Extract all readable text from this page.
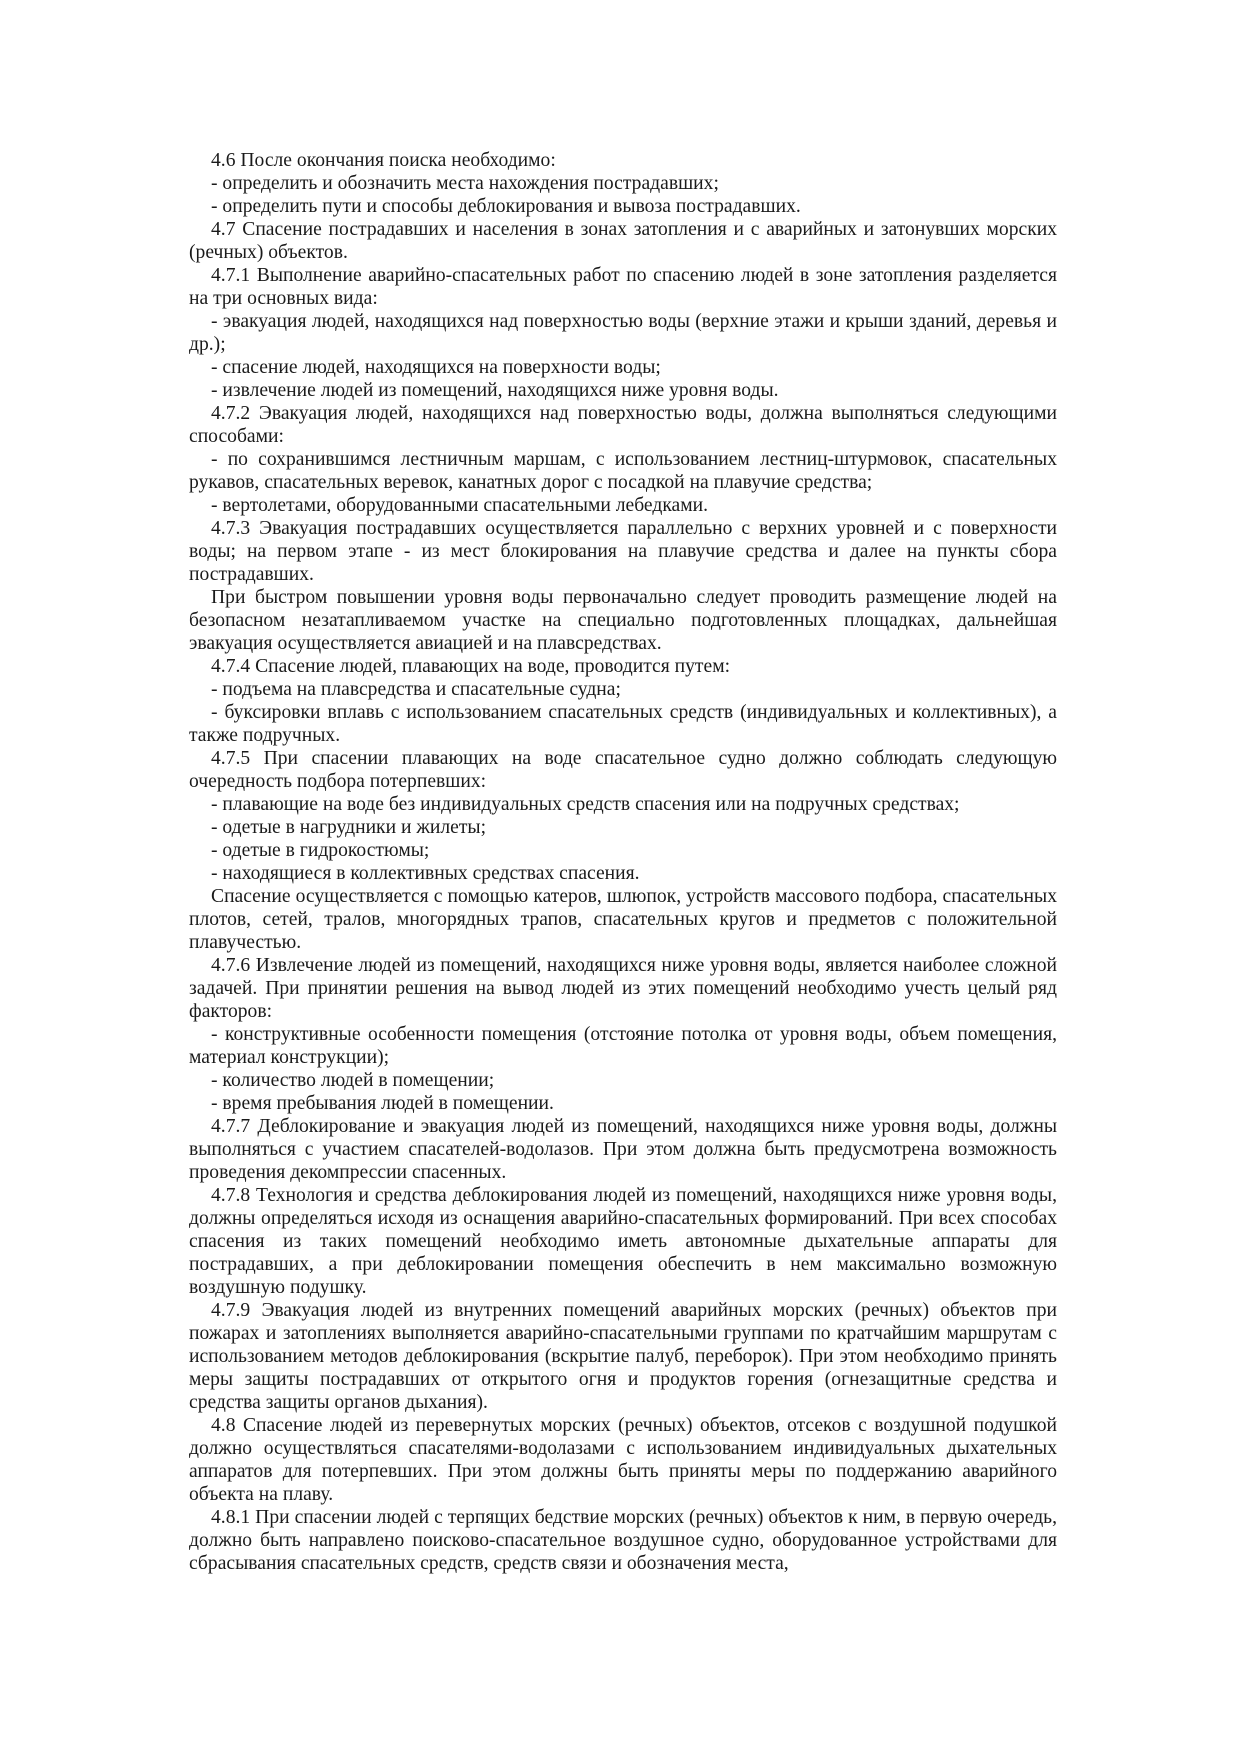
4.6 После окончания поиска необходимо:

- определить и обозначить места нахождения пострадавших;

- определить пути и способы деблокирования и вывоза пострадавших.

4.7 Спасение пострадавших и населения в зонах затопления и с аварийных и затонувших морских (речных) объектов.

4.7.1 Выполнение аварийно-спасательных работ по спасению людей в зоне затопления разделяется на три основных вида:

- эвакуация людей, находящихся над поверхностью воды (верхние этажи и крыши зданий, деревья и др.);

- спасение людей, находящихся на поверхности воды;

- извлечение людей из помещений, находящихся ниже уровня воды.

4.7.2 Эвакуация людей, находящихся над поверхностью воды, должна выполняться следующими способами:

- по сохранившимся лестничным маршам, с использованием лестниц-штурмовок, спасательных рукавов, спасательных веревок, канатных дорог с посадкой на плавучие средства;

- вертолетами, оборудованными спасательными лебедками.

4.7.3 Эвакуация пострадавших осуществляется параллельно с верхних уровней и с поверхности воды; на первом этапе - из мест блокирования на плавучие средства и далее на пункты сбора пострадавших.

При быстром повышении уровня воды первоначально следует проводить размещение людей на безопасном незатапливаемом участке на специально подготовленных площадках, дальнейшая эвакуация осуществляется авиацией и на плавсредствах.

4.7.4 Спасение людей, плавающих на воде, проводится путем:

- подъема на плавсредства и спасательные судна;

- буксировки вплавь с использованием спасательных средств (индивидуальных и коллективных), а также подручных.

4.7.5 При спасении плавающих на воде спасательное судно должно соблюдать следующую очередность подбора потерпевших:

- плавающие на воде без индивидуальных средств спасения или на подручных средствах;

- одетые в нагрудники и жилеты;

- одетые в гидрокостюмы;

- находящиеся в коллективных средствах спасения.

Спасение осуществляется с помощью катеров, шлюпок, устройств массового подбора, спасательных плотов, сетей, тралов, многорядных трапов, спасательных кругов и предметов с положительной плавучестью.

4.7.6 Извлечение людей из помещений, находящихся ниже уровня воды, является наиболее сложной задачей. При принятии решения на вывод людей из этих помещений необходимо учесть целый ряд факторов:

- конструктивные особенности помещения (отстояние потолка от уровня воды, объем помещения, материал конструкции);

- количество людей в помещении;

- время пребывания людей в помещении.

4.7.7 Деблокирование и эвакуация людей из помещений, находящихся ниже уровня воды, должны выполняться с участием спасателей-водолазов. При этом должна быть предусмотрена возможность проведения декомпрессии спасенных.

4.7.8 Технология и средства деблокирования людей из помещений, находящихся ниже уровня воды, должны определяться исходя из оснащения аварийно-спасательных формирований. При всех способах спасения из таких помещений необходимо иметь автономные дыхательные аппараты для пострадавших, а при деблокировании помещения обеспечить в нем максимально возможную воздушную подушку.

4.7.9 Эвакуация людей из внутренних помещений аварийных морских (речных) объектов при пожарах и затоплениях выполняется аварийно-спасательными группами по кратчайшим маршрутам с использованием методов деблокирования (вскрытие палуб, переборок). При этом необходимо принять меры защиты пострадавших от открытого огня и продуктов горения (огнезащитные средства и средства защиты органов дыхания).

4.8 Спасение людей из перевернутых морских (речных) объектов, отсеков с воздушной подушкой должно осуществляться спасателями-водолазами с использованием индивидуальных дыхательных аппаратов для потерпевших. При этом должны быть приняты меры по поддержанию аварийного объекта на плаву.

4.8.1 При спасении людей с терпящих бедствие морских (речных) объектов к ним, в первую очередь, должно быть направлено поисково-спасательное воздушное судно, оборудованное устройствами для сбрасывания спасательных средств, средств связи и обозначения места,
